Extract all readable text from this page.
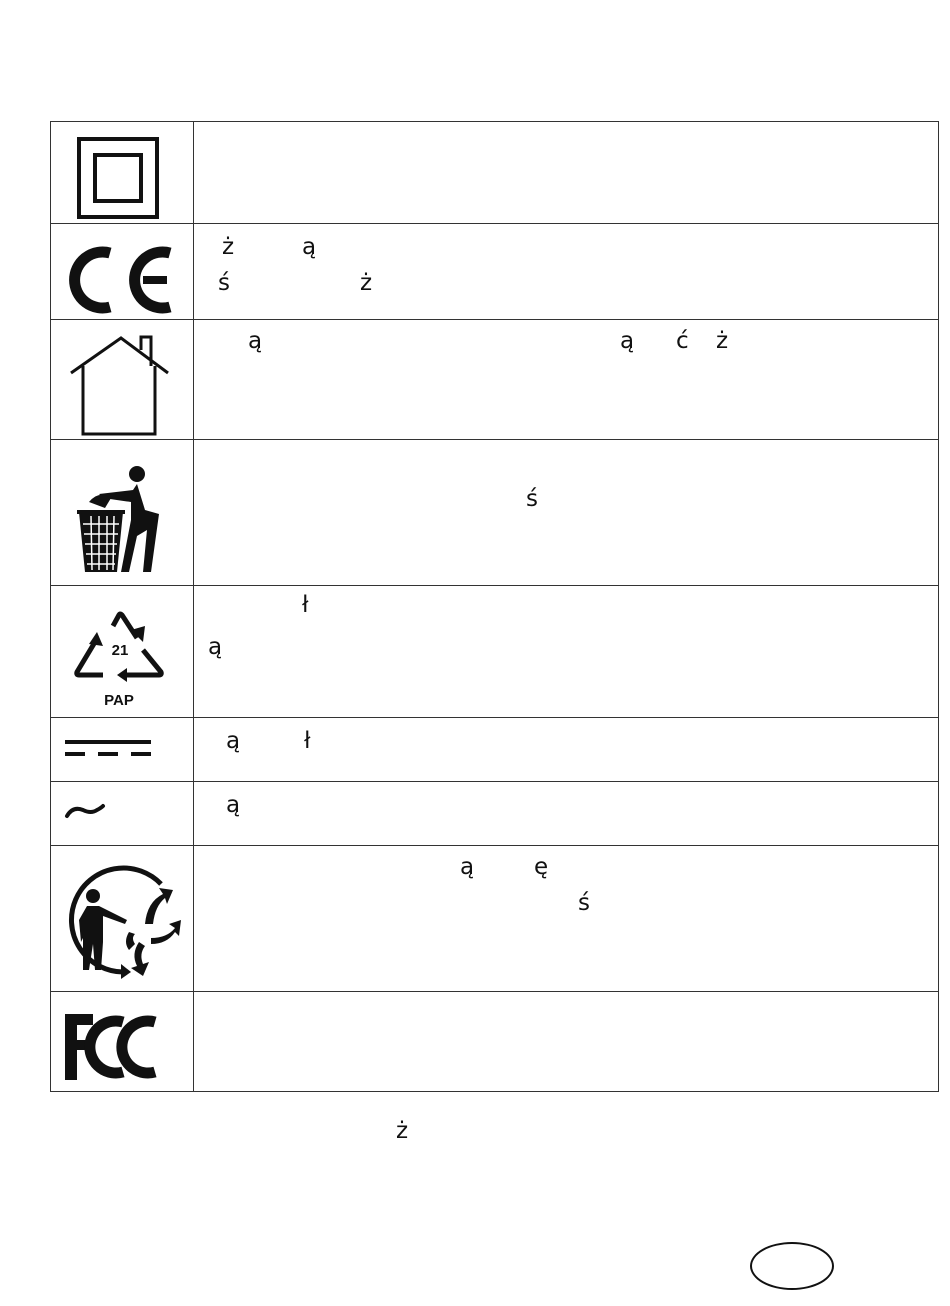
ż	ą
ś	ż
ą	ą ć ż
ś
21
PAP
ł
ą
ą	ł
ą
ą	ę
ś
ż
